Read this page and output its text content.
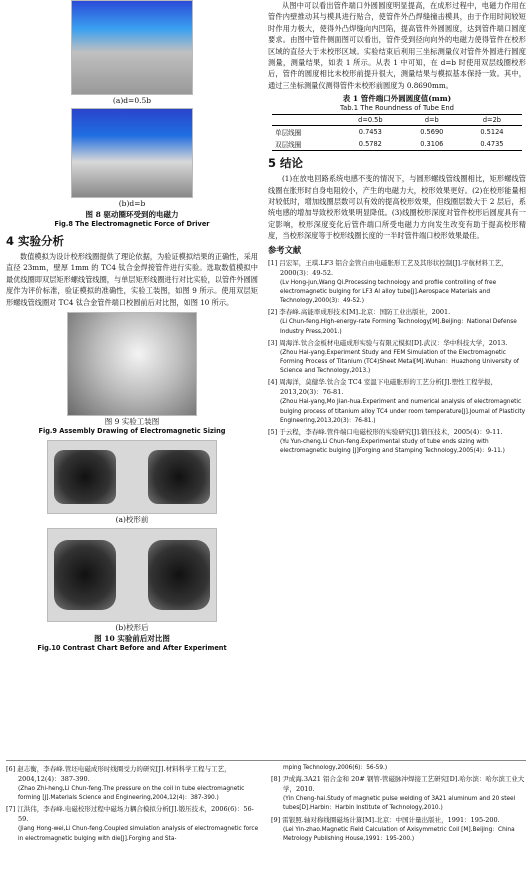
(a)d=0.5b
(b)d=b
图 8 驱动圈环受到的电磁力
Fig.8 The Electromagnetic Force of Driver
4 实验分析

数值模拟为设计校形线圈提供了理论依据，为验证模拟结果的正确性，采用直径 23mm，壁厚 1mm 的 TC4 钛合金焊接管件进行实验。选取数值模拟中最优线圈即双层矩形螺线管线圈，与单层矩形线圈进行对比实验，以管件外圆圆度作为评价标准，验证模拟的准确性，实验工装图，如图 9 所示。使用双层矩形螺线管线圈对 TC4 钛合金管件端口校圆前后对比图，如图 10 所示。

图 9 实验工装图
Fig.9 Assembly Drawing of Electromagnetic Sizing
(a)校形前
(b)校形后
图 10 实验前后对比图
Fig.10 Contrast Chart Before and After Experiment

从图中可以看出管件端口外圆圆度明显提高，在成形过程中，电磁力作用在管件内壁推动其与模具进行贴合，使管件外凸焊缝撞击模具，由于作用时间较短时作用力极大，使得外凸焊缝向内凹陷，提高管件外圆圆度，达到管件端口圆度要求。由图中管件侧面图可以看出，管件受到径向向外的电磁力使得管件在校形区域的直径大于未校形区域。实验结束后利用三坐标测量仪对管件外圆进行圆度测量，测量结果，如表 1 所示。从表 1 中可知，在 d=b 时使用双层线圈校形后，管件的圆度相比未校形前提升很大，测量结果与模拟基本保持一致。其中，通过三坐标测量仪测得管件未校形前圆度为 0.8690mm。

表 1 管件端口外圆圆度值(mm)
Tab.1 The Roundness of Tube End
	d=0.5b	d=b	d=2b
单层线圈	0.7453	0.5690	0.5124
双层线圈	0.5782	0.3106	0.4735
5 结论

(1)在放电回路系统电感不变的情况下，与圆形螺线管线圈相比，矩形螺线管线圈在胀形时自身电阻较小，产生的电磁力大，校形效果更好。(2)在校形能量相对较低时，增加线圈层数可以有效的提高校形效果，但线圈层数大于 2 层后，系统电感的增加导致校形效果明显降低。(3)线圈校形深度对管件校形后圆度具有一定影响，校形深度变化后管件端口所受电磁力方向发生改变有助于提高校形精度，当校形深度等于校形线圈长度的一半时管件端口校形效果最佳。

参考文献
[1] 吕宏军，王琪.LF3 铝合金管自由电磁胀形工艺及其形状控制[J].宇航材料工艺，2000(3)：49-52.
(Lv Hong-jun,Wang Qi.Processing technology and profile controlling of free electromagnetic bulging for LF3 Al alloy tube[J].Aerospace Materials and Technology,2000(3)：49-52.)
[2] 李春峰.高能率成形技术[M].北京：国防工业出版社，2001.
(Li Chun-feng.High-energy-rate Forming Technology[M].Beijing：National Defense Industry Press,2001.)
[3] 周海洋.钛合金板材电磁成形实验与有限元模拟[D].武汉：华中科技大学，2013.
(Zhou Hai-yang.Experiment Study and FEM Simulation of the Electromagnetic Forming Process of Titanium (TC4)Sheet Metal[M].Wuhan：Huazhong University of Science and Technology,2013.)
[4] 周海洋，莫健华.钛合金 TC4 室温下电磁胀形的工艺分析[J].塑性工程学报，2013,20(3)：76-81.
(Zhou Hai-yang,Mo Jian-hua.Experiment and numerical analysis of electromagnetic bulging process of titanium alloy TC4 under room temperature[J].Journal of Plasticity Engineering,2013,20(3)：76-81.)
[5] 于云程，李春峰.管件端口电磁校形的实验研究[J].锻压技术，2005(4)：9-11.
(Yu Yun-cheng,Li Chun-feng.Experimental study of tube ends sizing with electromagnetic bulging [J]Forging and Stamping Technology,2005(4)：9-11.)
[6] 赵志衡，李春峰.管坯电磁成形时线圈受力的研究[J].材料科学工程与工艺，2004,12(4)：387-390.
(Zhao Zhi-heng,Li Chun-feng.The pressure on the coil in tube electromagnetic forming [J].Materials Science and Engineering,2004,12(4)：387-390.)
[7] 江洪伟，李春峰.电磁校形过程中磁场力耦合模拟分析[J].锻压技术，2006(6)：56-59.
(Jiang Hong-wei,Li Chun-feng.Coupled simulation analysis of electromagnetic force in electromagnetic bulging with die[J].Forging and Sta-
mping Technology,2006(6)：56-59.)
[8] 尹成海.3A21 铝合金和 20# 钢管-管磁脉冲焊接工艺研究[D].哈尔滨：哈尔滨工业大学，2010.
(Yin Cheng-hai.Study of magnetic pulse welding of 3A21 aluminum and 20 steel tubes[D].Harbin：Harbin Institute of Technology,2010.)
[9] 雷银照.轴对称线圈磁场计算[M].北京：中国计量出版社，1991：195-200.
(Lei Yin-zhao.Magnetic Field Calculation of Axisymmetric Coil [M].Beijing：China Metrology Publishing House,1991：195-200.)
